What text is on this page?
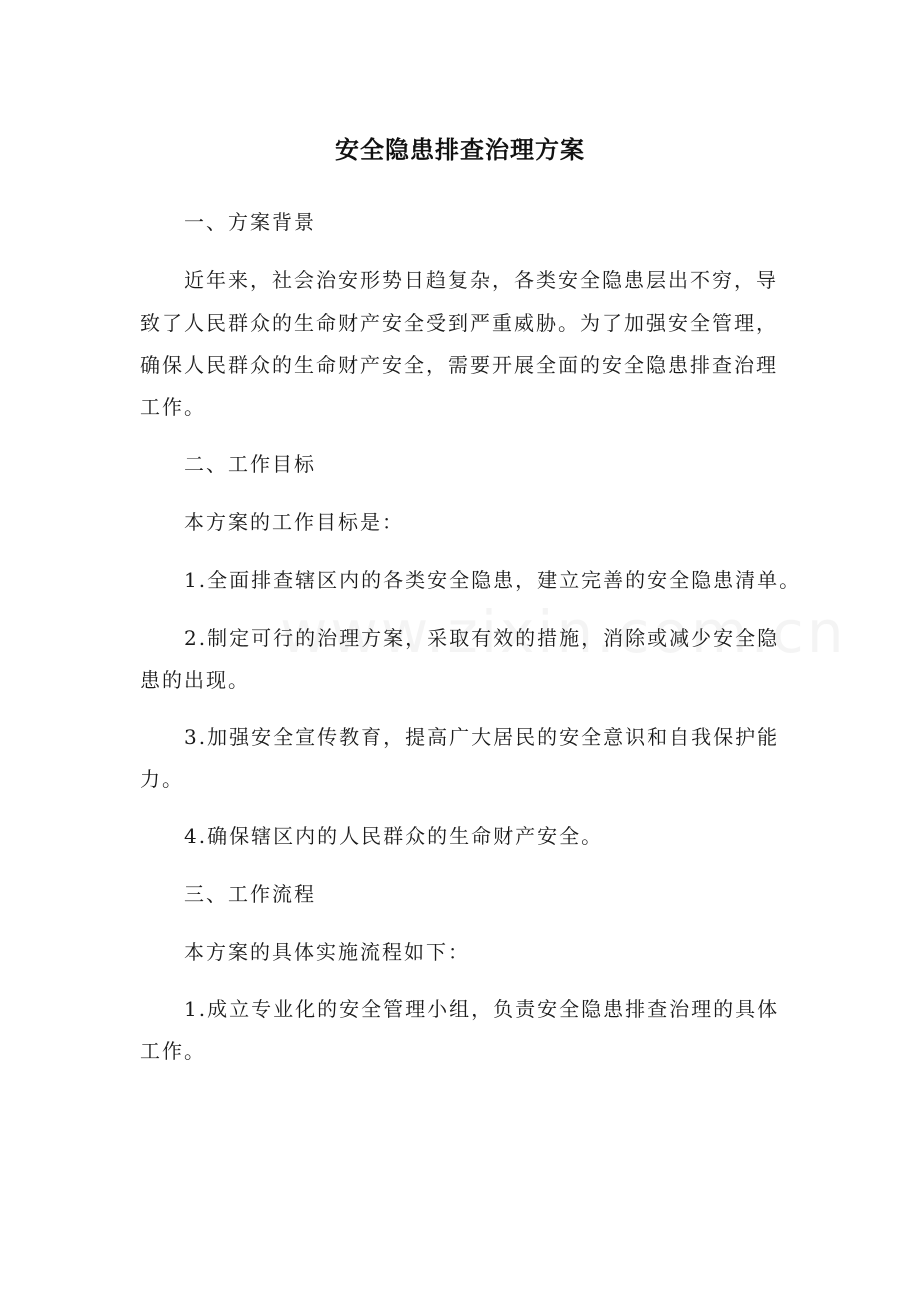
安全隐患排查治理方案
一、方案背景
近年来，社会治安形势日趋复杂，各类安全隐患层出不穷，导
致了人民群众的生命财产安全受到严重威胁。为了加强安全管理，
确保人民群众的生命财产安全，需要开展全面的安全隐患排查治理
工作。
二、工作目标
本方案的工作目标是：
1.全面排查辖区内的各类安全隐患，建立完善的安全隐患清单。
2.制定可行的治理方案，采取有效的措施，消除或减少安全隐
患的出现。
3.加强安全宣传教育，提高广大居民的安全意识和自我保护能
力。
4.确保辖区内的人民群众的生命财产安全。
三、工作流程
本方案的具体实施流程如下：
1.成立专业化的安全管理小组，负责安全隐患排查治理的具体
工作。
